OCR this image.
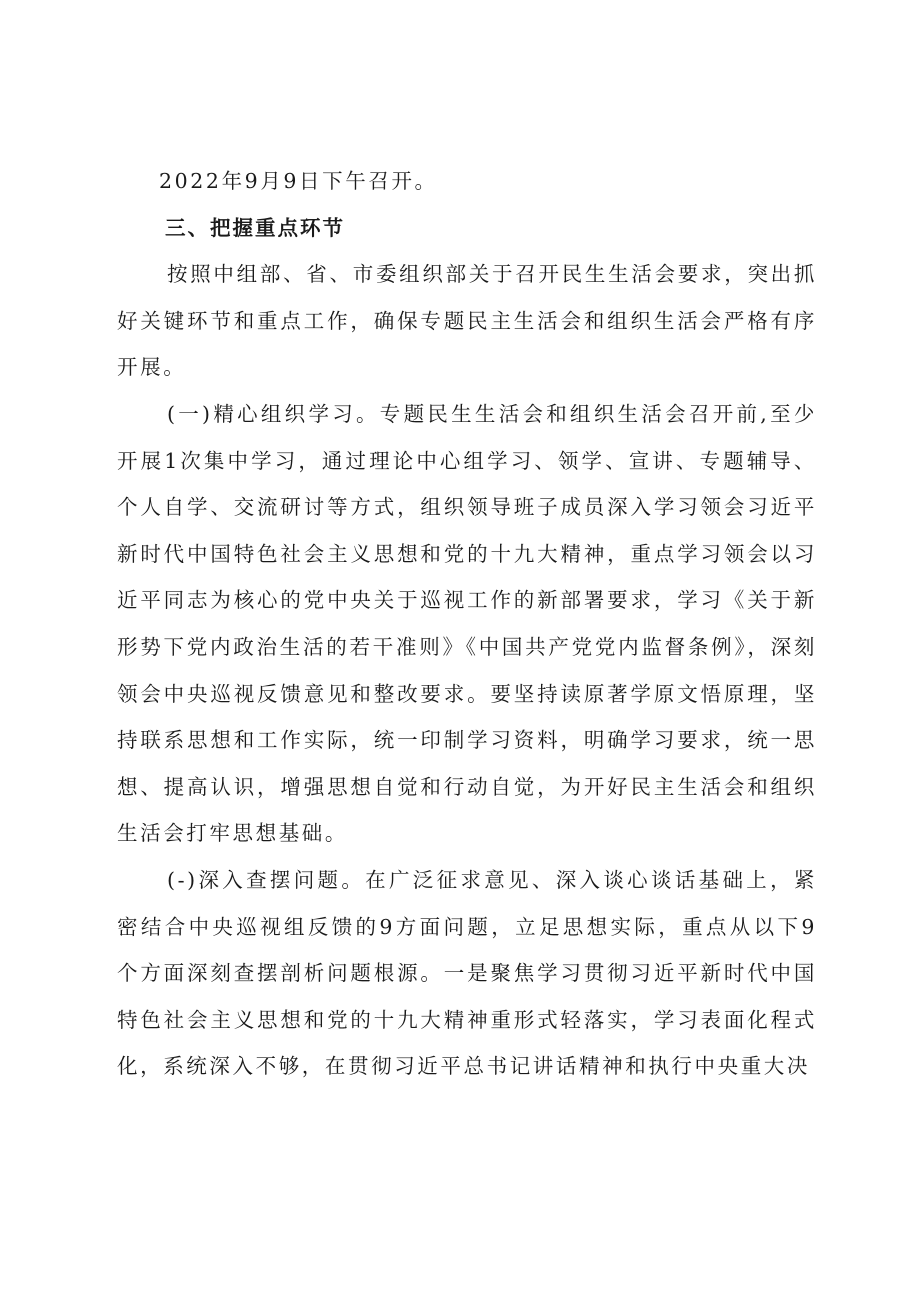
2022年9月9日下午召开。

三、把握重点环节

按照中组部、省、市委组织部关于召开民生生活会要求，突出抓好关键环节和重点工作，确保专题民主生活会和组织生活会严格有序开展。

(一)精心组织学习。专题民生生活会和组织生活会召开前,至少开展1次集中学习，通过理论中心组学习、领学、宣讲、专题辅导、个人自学、交流研讨等方式，组织领导班子成员深入学习领会习近平新时代中国特色社会主义思想和党的十九大精神，重点学习领会以习近平同志为核心的党中央关于巡视工作的新部署要求，学习《关于新形势下党内政治生活的若干准则》《中国共产党党内监督条例》，深刻领会中央巡视反馈意见和整改要求。要坚持读原著学原文悟原理，坚持联系思想和工作实际，统一印制学习资料，明确学习要求，统一思想、提高认识，增强思想自觉和行动自觉，为开好民主生活会和组织生活会打牢思想基础。

(-)深入查摆问题。在广泛征求意见、深入谈心谈话基础上，紧密结合中央巡视组反馈的9方面问题，立足思想实际，重点从以下9个方面深刻查摆剖析问题根源。一是聚焦学习贯彻习近平新时代中国特色社会主义思想和党的十九大精神重形式轻落实，学习表面化程式化，系统深入不够，在贯彻习近平总书记讲话精神和执行中央重大决
